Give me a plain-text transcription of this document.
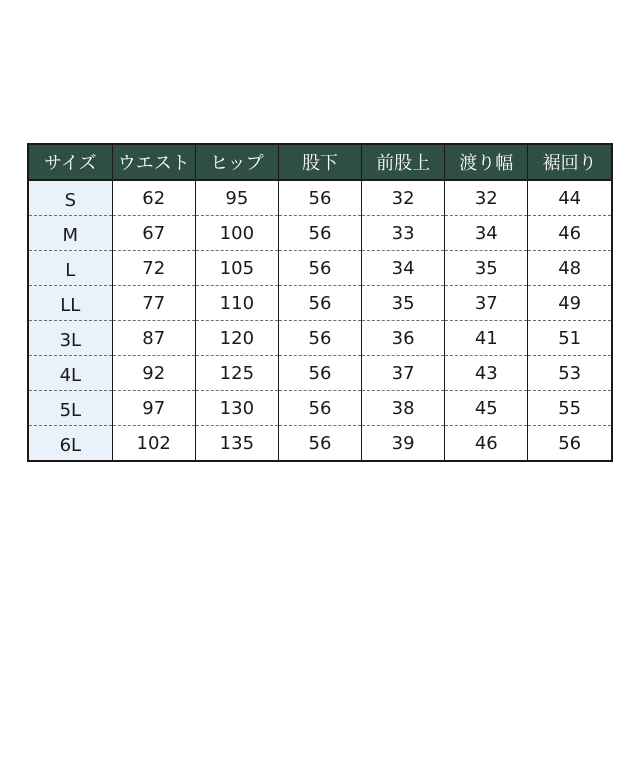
サイズ	ウエスト	ヒップ	股下	前股上	渡り幅	裾回り
S	62	95	56	32	32	44
M	67	100	56	33	34	46
L	72	105	56	34	35	48
LL	77	110	56	35	37	49
3L	87	120	56	36	41	51
4L	92	125	56	37	43	53
5L	97	130	56	38	45	55
6L	102	135	56	39	46	56
